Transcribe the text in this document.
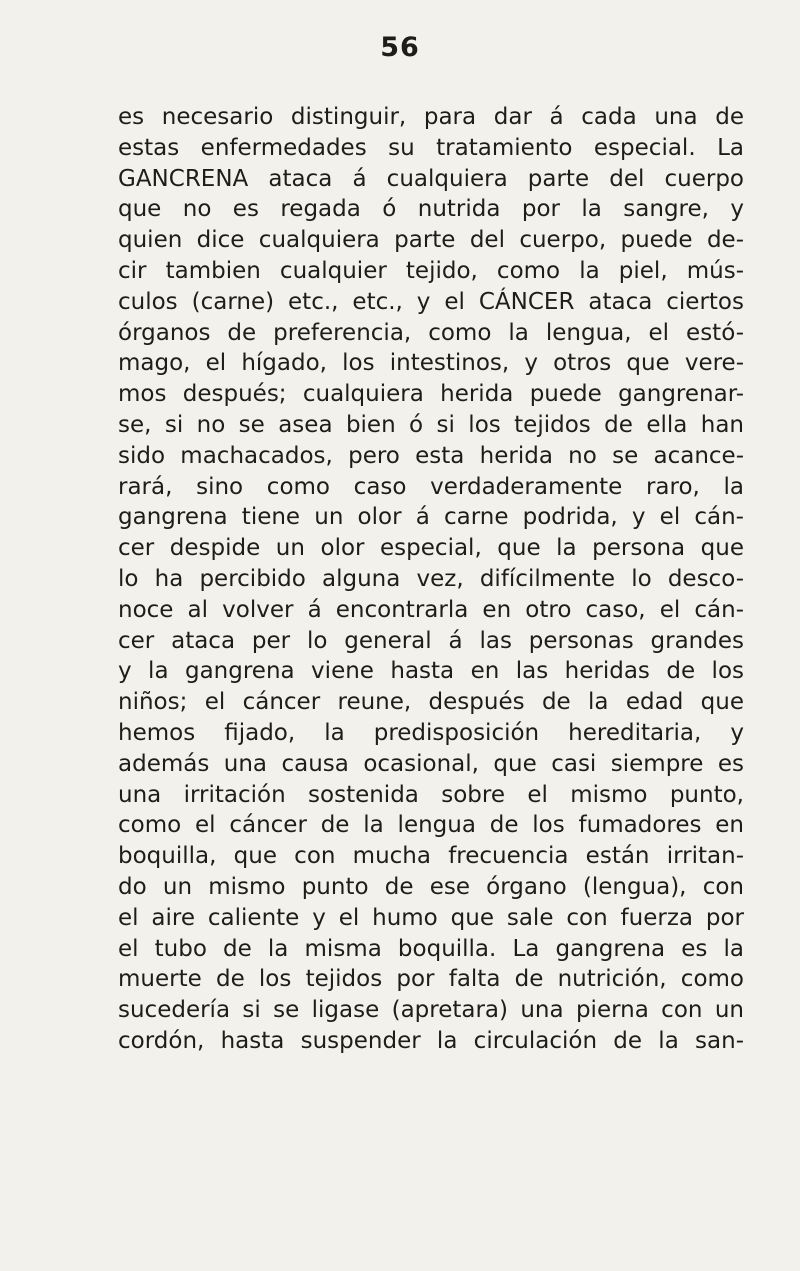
56
es necesario distinguir, para dar á cada una de
estas enfermedades su tratamiento especial. La
GANCRENA ataca á cualquiera parte del cuerpo
que no es regada ó nutrida por la sangre, y
quien dice cualquiera parte del cuerpo, puede de-
cir tambien cualquier tejido, como la piel, mús-
culos (carne) etc., etc., y el CÁNCER ataca ciertos
órganos de preferencia, como la lengua, el estó-
mago, el hígado, los intestinos, y otros que vere-
mos después; cualquiera herida puede gangrenar-
se, si no se asea bien ó si los tejidos de ella han
sido machacados, pero esta herida no se acance-
rará, sino como caso verdaderamente raro, la
gangrena tiene un olor á carne podrida, y el cán-
cer despide un olor especial, que la persona que
lo ha percibido alguna vez, difícilmente lo desco-
noce al volver á encontrarla en otro caso, el cán-
cer ataca per lo general á las personas grandes
y la gangrena viene hasta en las heridas de los
niños; el cáncer reune, después de la edad que
hemos fijado, la predisposición hereditaria, y
además una causa ocasional, que casi siempre es
una irritación sostenida sobre el mismo punto,
como el cáncer de la lengua de los fumadores en
boquilla, que con mucha frecuencia están irritan-
do un mismo punto de ese órgano (lengua), con
el aire caliente y el humo que sale con fuerza por
el tubo de la misma boquilla. La gangrena es la
muerte de los tejidos por falta de nutrición, como
sucedería si se ligase (apretara) una pierna con un
cordón, hasta suspender la circulación de la san-
